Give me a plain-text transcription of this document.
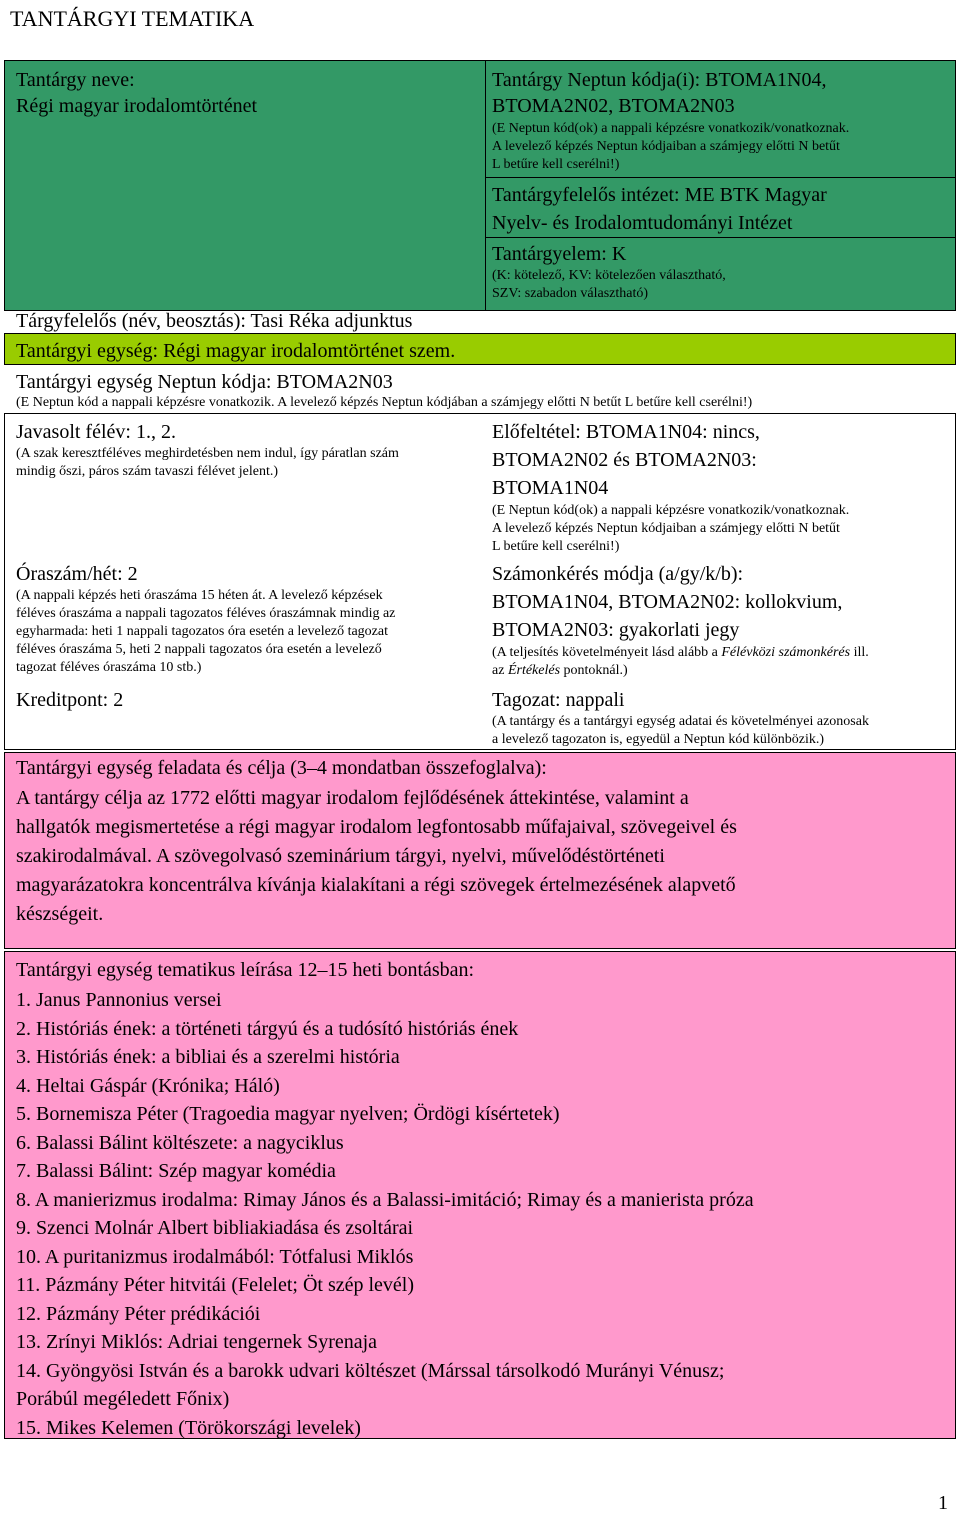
TANTÁRGYI TEMATIKA
Tantárgy neve:
Régi magyar irodalomtörténet
Tantárgy Neptun kódja(i): BTOMA1N04,
BTOMA2N02, BTOMA2N03
(E Neptun kód(ok) a nappali képzésre vonatkozik/vonatkoznak.
A levelező képzés Neptun kódjaiban a számjegy előtti N betűt
L betűre kell cserélni!)
Tantárgyfelelős intézet: ME BTK Magyar
Nyelv- és Irodalomtudományi Intézet
Tantárgyelem: K
(K: kötelező, KV: kötelezően választható,
SZV: szabadon választható)
Tárgyfelelős (név, beosztás): Tasi Réka adjunktus
Tantárgyi egység: Régi magyar irodalomtörténet szem.
Tantárgyi egység Neptun kódja: BTOMA2N03
(E Neptun kód a nappali képzésre vonatkozik. A levelező képzés Neptun kódjában a számjegy előtti N betűt L betűre kell cserélni!)
Javasolt félév: 1., 2.
(A szak keresztféléves meghirdetésben nem indul, így páratlan szám
mindig őszi, páros szám tavaszi félévet jelent.)
Előfeltétel: BTOMA1N04: nincs,
BTOMA2N02 és BTOMA2N03:
BTOMA1N04
(E Neptun kód(ok) a nappali képzésre vonatkozik/vonatkoznak.
A levelező képzés Neptun kódjaiban a számjegy előtti N betűt
L betűre kell cserélni!)
Óraszám/hét: 2
(A nappali képzés heti óraszáma 15 héten át. A levelező képzések
féléves óraszáma a nappali tagozatos féléves óraszámnak mindig az
egyharmada: heti 1 nappali tagozatos óra esetén a levelező tagozat
féléves óraszáma 5, heti 2 nappali tagozatos óra esetén a levelező
tagozat féléves óraszáma 10 stb.)
Számonkérés módja (a/gy/k/b):
BTOMA1N04, BTOMA2N02: kollokvium,
BTOMA2N03: gyakorlati jegy
(A teljesítés követelményeit lásd alább a Félévközi számonkérés ill.
az Értékelés pontoknál.)
Kreditpont: 2	Tagozat: nappali
(A tantárgy és a tantárgyi egység adatai és követelményei azonosak
a levelező tagozaton is, egyedül a Neptun kód különbözik.)
Tantárgyi egység feladata és célja (3–4 mondatban összefoglalva):
A tantárgy célja az 1772 előtti magyar irodalom fejlődésének áttekintése, valamint a
hallgatók megismertetése a régi magyar irodalom legfontosabb műfajaival, szövegeivel és
szakirodalmával. A szövegolvasó szeminárium tárgyi, nyelvi, művelődéstörténeti
magyarázatokra koncentrálva kívánja kialakítani a régi szövegek értelmezésének alapvető
készségeit.
Tantárgyi egység tematikus leírása 12–15 heti bontásban:
1. Janus Pannonius versei
2. Históriás ének: a történeti tárgyú és a tudósító históriás ének
3. Históriás ének: a bibliai és a szerelmi história
4. Heltai Gáspár (Krónika; Háló)
5. Bornemisza Péter (Tragoedia magyar nyelven; Ördögi kísértetek)
6. Balassi Bálint költészete: a nagyciklus
7. Balassi Bálint: Szép magyar komédia
8. A manierizmus irodalma: Rimay János és a Balassi-imitáció; Rimay és a manierista próza
9. Szenci Molnár Albert bibliakiadása és zsoltárai
10. A puritanizmus irodalmából: Tótfalusi Miklós
11. Pázmány Péter hitvitái (Felelet; Öt szép levél)
12. Pázmány Péter prédikációi
13. Zrínyi Miklós: Adriai tengernek Syrenaja
14. Gyöngyösi István és a barokk udvari költészet (Márssal társolkodó Murányi Vénusz;
Porábúl megéledett Főnix)
15. Mikes Kelemen (Törökországi levelek)
1
